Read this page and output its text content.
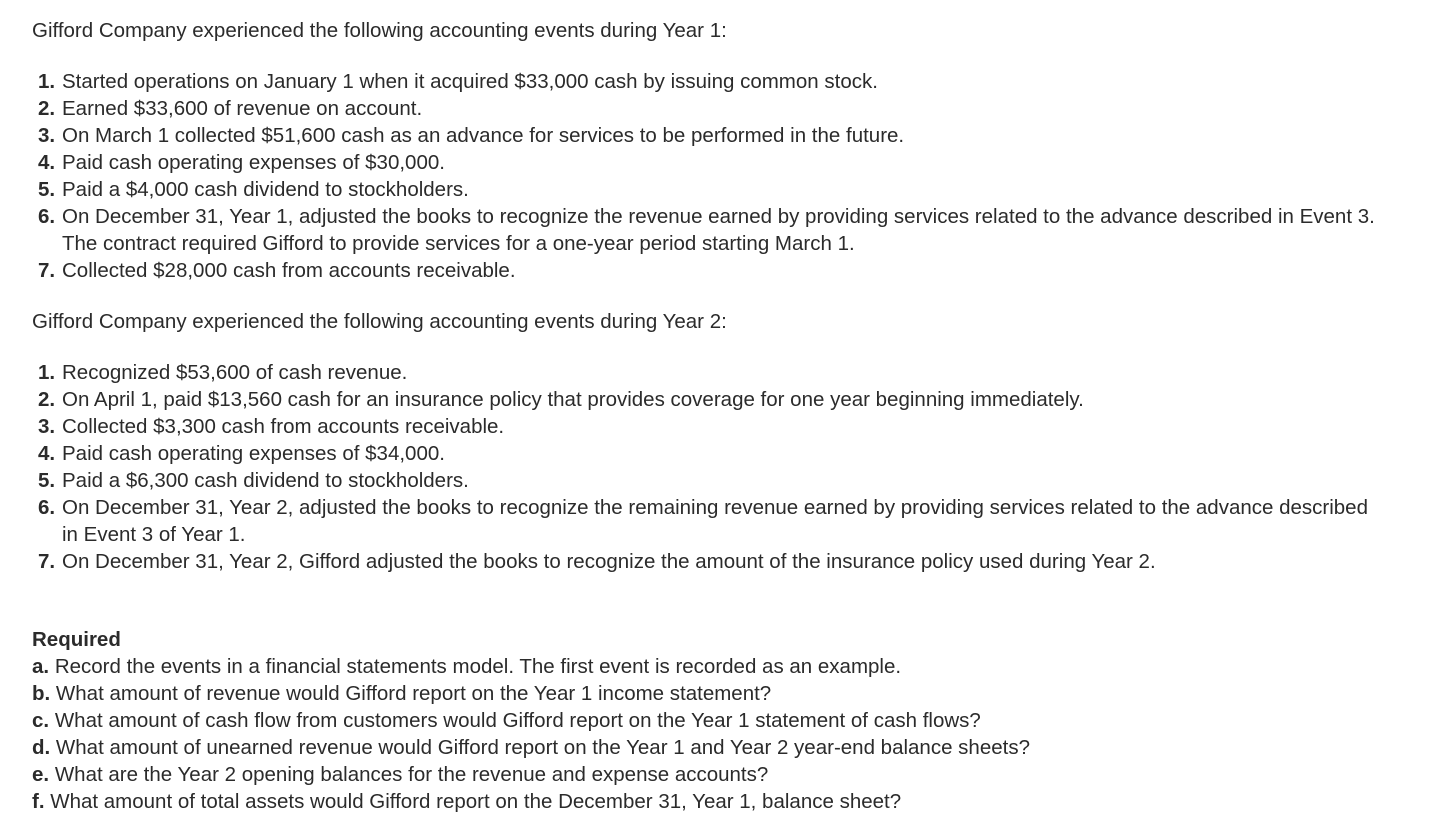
Gifford Company experienced the following accounting events during Year 1:

1. Started operations on January 1 when it acquired $33,000 cash by issuing common stock.
2. Earned $33,600 of revenue on account.
3. On March 1 collected $51,600 cash as an advance for services to be performed in the future.
4. Paid cash operating expenses of $30,000.
5. Paid a $4,000 cash dividend to stockholders.
6. On December 31, Year 1, adjusted the books to recognize the revenue earned by providing services related to the advance described in Event 3. The contract required Gifford to provide services for a one-year period starting March 1.
7. Collected $28,000 cash from accounts receivable.

Gifford Company experienced the following accounting events during Year 2:

1. Recognized $53,600 of cash revenue.
2. On April 1, paid $13,560 cash for an insurance policy that provides coverage for one year beginning immediately.
3. Collected $3,300 cash from accounts receivable.
4. Paid cash operating expenses of $34,000.
5. Paid a $6,300 cash dividend to stockholders.
6. On December 31, Year 2, adjusted the books to recognize the remaining revenue earned by providing services related to the advance described in Event 3 of Year 1.
7. On December 31, Year 2, Gifford adjusted the books to recognize the amount of the insurance policy used during Year 2.

Required

a. Record the events in a financial statements model. The first event is recorded as an example.
b. What amount of revenue would Gifford report on the Year 1 income statement?
c. What amount of cash flow from customers would Gifford report on the Year 1 statement of cash flows?
d. What amount of unearned revenue would Gifford report on the Year 1 and Year 2 year-end balance sheets?
e. What are the Year 2 opening balances for the revenue and expense accounts?
f. What amount of total assets would Gifford report on the December 31, Year 1, balance sheet?
